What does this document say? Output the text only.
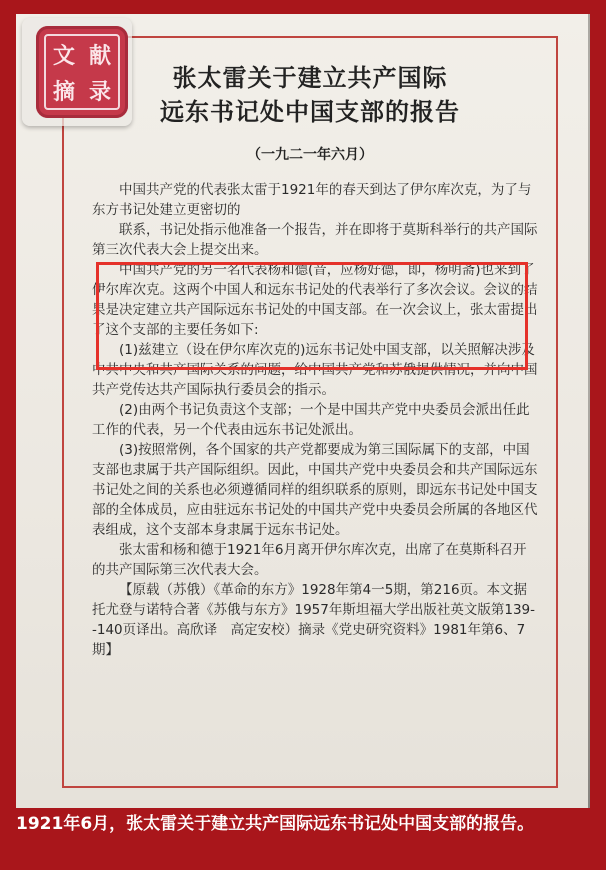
文 献
摘 录	张太雷关于建立共产国际
远东书记处中国支部的报告
（一九二一年六月）

中国共产党的代表张太雷于1921年的春天到达了伊尔库次克，为了与东方书记处建立更密切的

联系，书记处指示他准备一个报告，并在即将于莫斯科举行的共产国际第三次代表大会上提交出来。

中国共产党的另一名代表杨和德(音，应杨好德，即，杨明斋)也来到了伊尔库次克。这两个中国人和远东书记处的代表举行了多次会议。会议的结果是决定建立共产国际远东书记处的中国支部。在一次会议上，张太雷提出了这个支部的主要任务如下:

(1)兹建立（设在伊尔库次克的)远东书记处中国支部，以关照解决涉及中共中央和共产国际关系的问题，给中国共产党和苏俄提供情况，并向中国共产党传达共产国际执行委员会的指示。

(2)由两个书记负责这个支部；一个是中国共产党中央委员会派出任此工作的代表，另一个代表由远东书记处派出。

(3)按照常例，各个国家的共产党都要成为第三国际属下的支部，中国支部也隶属于共产国际组织。因此，中国共产党中央委员会和共产国际远东书记处之间的关系也必须遵循同样的组织联系的原则，即远东书记处中国支部的全体成员，应由驻远东书记处的中国共产党中央委员会所属的各地区代表组成，这个支部本身隶属于远东书记处。

张太雷和杨和德于1921年6月离开伊尔库次克，出席了在莫斯科召开的共产国际第三次代表大会。

【原载（苏俄）《革命的东方》1928年第4一5期，第216页。本文据托尤登与诺特合著《苏俄与东方》1957年斯坦福大学出版社英文版第139--140页译出。高欣译　高定安校）摘录《党史研究资料》1981年第6、7期】

1921年6月，张太雷关于建立共产国际远东书记处中国支部的报告。
